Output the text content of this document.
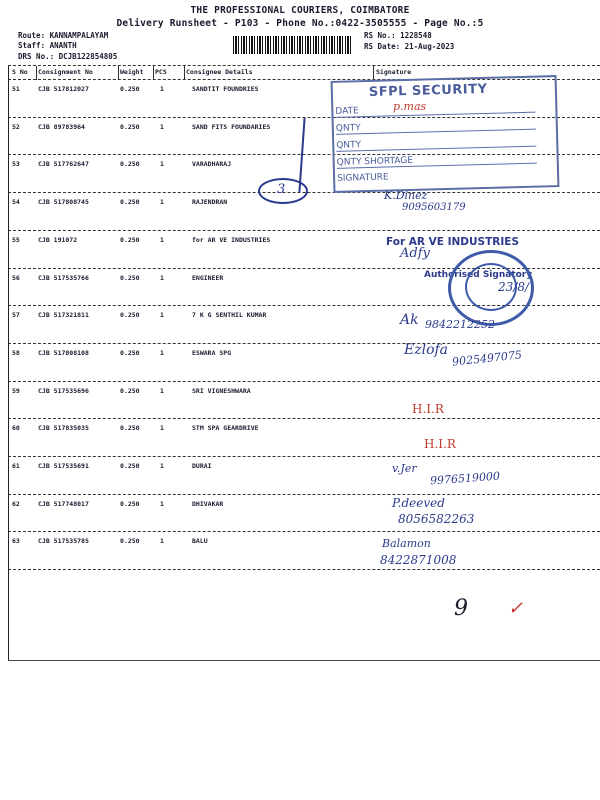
THE PROFESSIONAL COURIERS, COIMBATORE
Delivery Runsheet - P103 - Phone No.:0422-3505555 - Page No.:5
Route: KANNAMPALAYAM
Staff: ANANTH
DRS No.: DCJB122854805
RS No.: 1228548
RS Date: 21-Aug-2023
S No Consignment No	Weight PCS	Consignee Details	Signature
51	CJB 517812027	0.250	1	SANDTIT FOUNDRIES
52	CJB 89783964	0.250	1	SAND FITS FOUNDARIES
53	CJB 517762647	0.250	1	VARADHARAJ
54	CJB 517808745	0.250	1	RAJENDRAN
55	CJB 191072	0.250	1	for AR VE INDUSTRIES
56	CJB 517535766	0.250	1	ENGINEER
57	CJB 517321811	0.250	1	7 K G SENTHIL KUMAR
58	CJB 517808108	0.250	1	ESWARA SPG
59	CJB 517535696	0.250	1	SRI VIGNESHWARA
60	CJB 517835035	0.250	1	STM SPA GEARDRIVE
61	CJB 517535691	0.250	1	DURAI
62	CJB 517748017	0.250	1	DHIVAKAR
63	CJB 517535785	0.250	1	BALU
SFPL SECURITY
DATE
QNTY
QNTY
QNTY SHORTAGE
SIGNATURE
p.mas
3	K.Dinez
9095603179
For AR VE INDUSTRIES
Authorised Signatory
Adfy
23/8/
Ak 9842212252
Ezlofa 9025497075
H.I.R
H.I.R
v.Jer
9976519000
P.deeved
8056582263
Balamon
8422871008
9 ✓
